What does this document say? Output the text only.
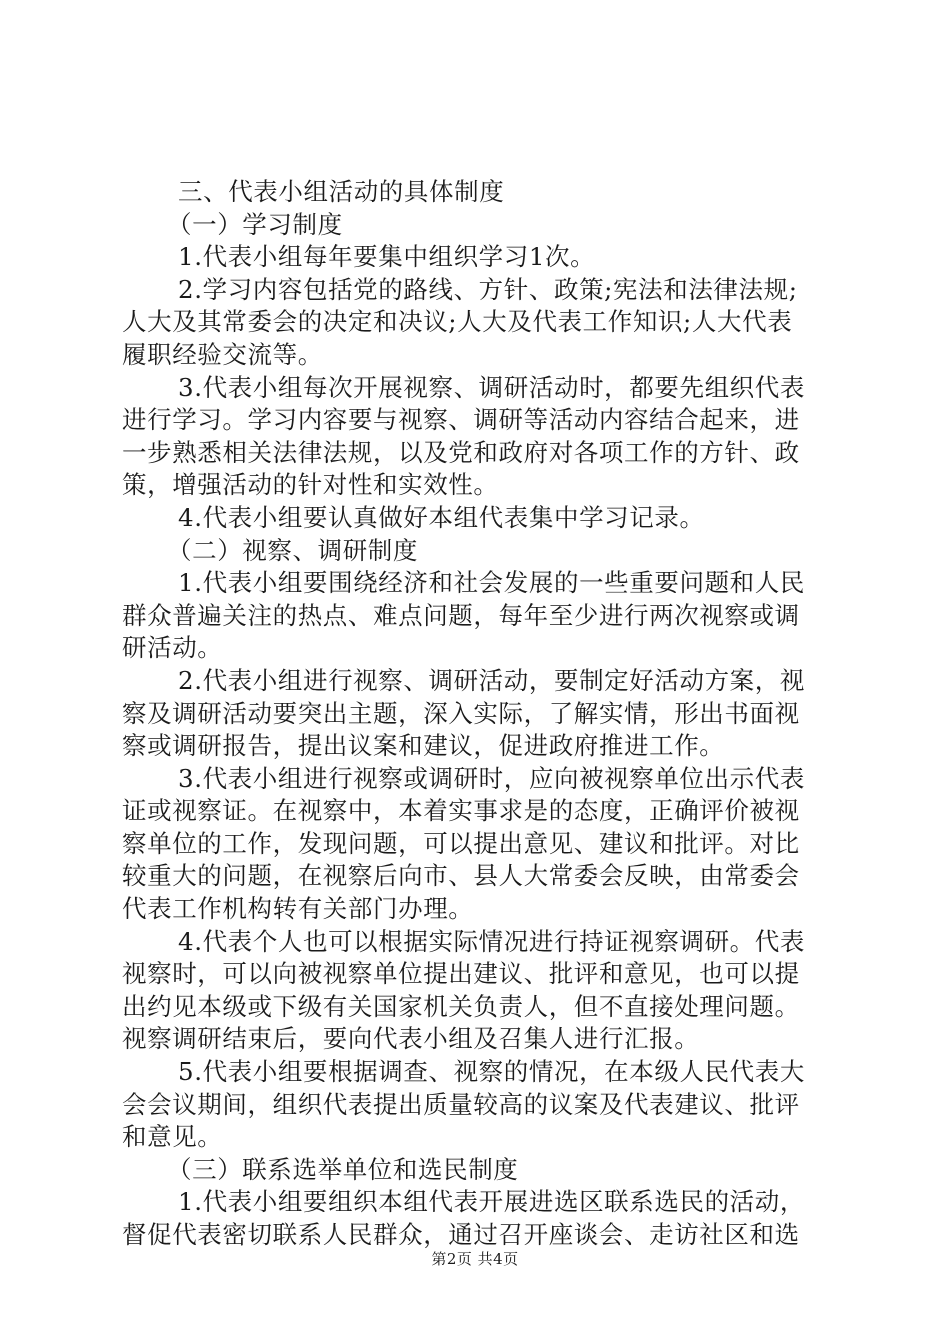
三、代表小组活动的具体制度
（一）学习制度
1.代表小组每年要集中组织学习1次。
2.学习内容包括党的路线、方针、政策;宪法和法律法规;
人大及其常委会的决定和决议;人大及代表工作知识;人大代表
履职经验交流等。
3.代表小组每次开展视察、调研活动时，都要先组织代表
进行学习。学习内容要与视察、调研等活动内容结合起来，进
一步熟悉相关法律法规，以及党和政府对各项工作的方针、政
策，增强活动的针对性和实效性。
4.代表小组要认真做好本组代表集中学习记录。
（二）视察、调研制度
1.代表小组要围绕经济和社会发展的一些重要问题和人民
群众普遍关注的热点、难点问题，每年至少进行两次视察或调
研活动。
2.代表小组进行视察、调研活动，要制定好活动方案，视
察及调研活动要突出主题，深入实际，了解实情，形出书面视
察或调研报告，提出议案和建议，促进政府推进工作。
3.代表小组进行视察或调研时，应向被视察单位出示代表
证或视察证。在视察中，本着实事求是的态度，正确评价被视
察单位的工作，发现问题，可以提出意见、建议和批评。对比
较重大的问题，在视察后向市、县人大常委会反映，由常委会
代表工作机构转有关部门办理。
4.代表个人也可以根据实际情况进行持证视察调研。代表
视察时，可以向被视察单位提出建议、批评和意见，也可以提
出约见本级或下级有关国家机关负责人，但不直接处理问题。
视察调研结束后，要向代表小组及召集人进行汇报。
5.代表小组要根据调查、视察的情况，在本级人民代表大
会会议期间，组织代表提出质量较高的议案及代表建议、批评
和意见。
（三）联系选举单位和选民制度
1.代表小组要组织本组代表开展进选区联系选民的活动，
督促代表密切联系人民群众，通过召开座谈会、走访社区和选
第2页 共4页
